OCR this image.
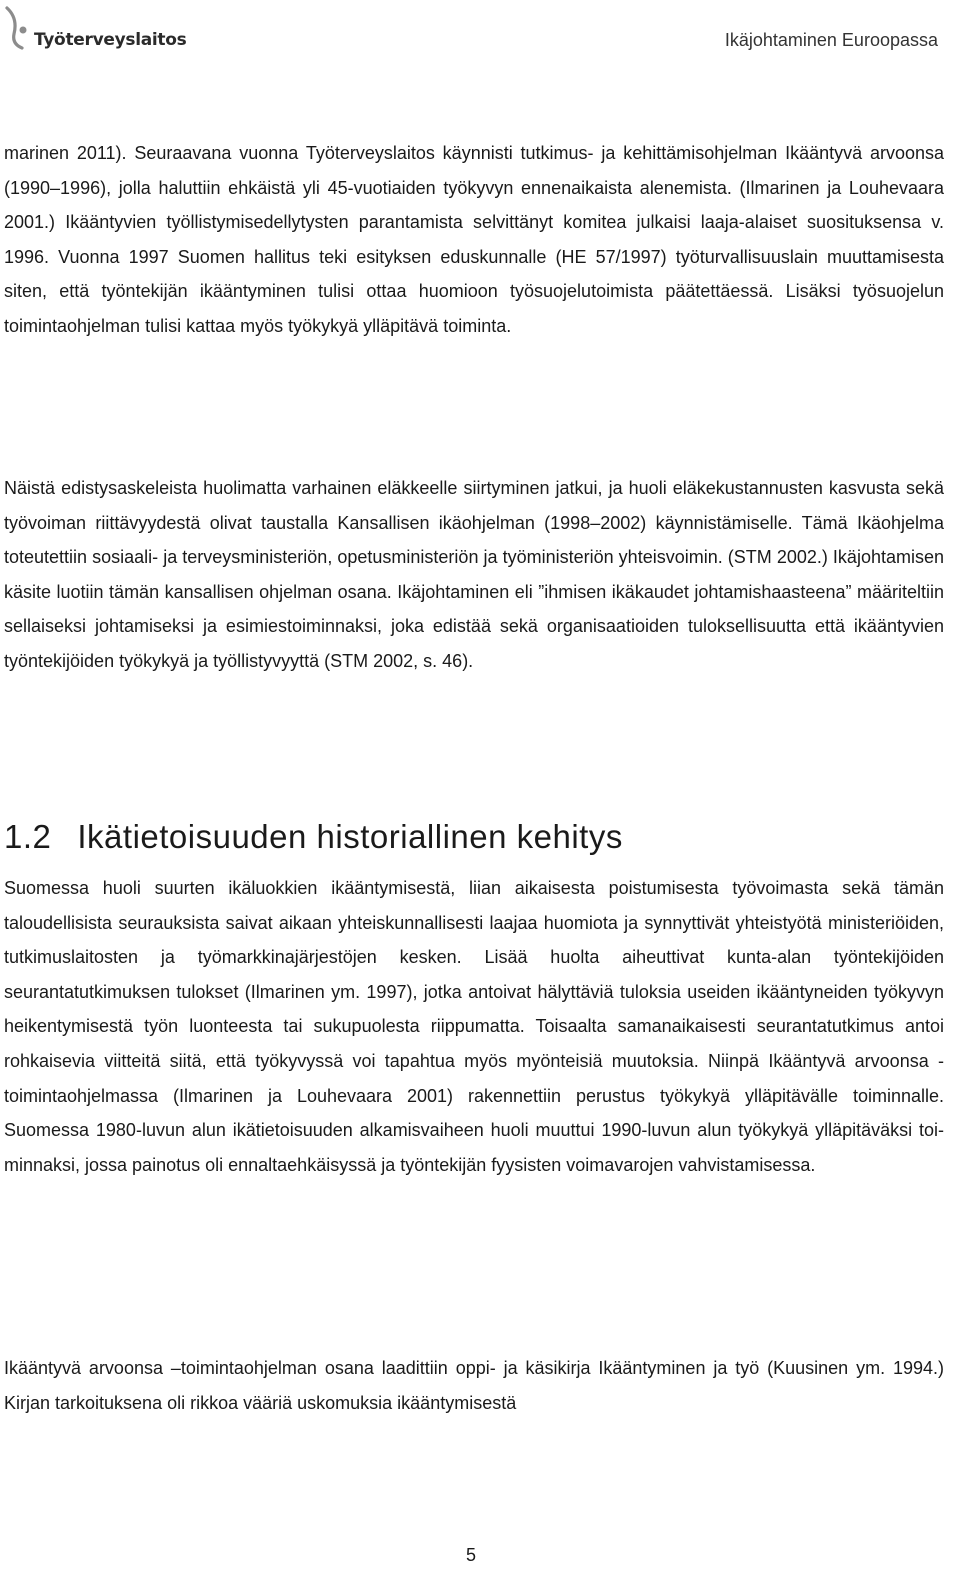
Työterveyslaitos	Ikäjohtaminen Euroopassa

marinen 2011). Seuraavana vuonna Työterveyslaitos käynnisti tutkimus- ja kehittämisohjelman Ikääntyvä arvoonsa (1990–1996), jolla haluttiin ehkäistä yli 45-vuotiaiden työkyvyn ennenaikaista alenemista. (Ilmarinen ja Louhevaara 2001.) Ikääntyvien työllistymisedellytysten parantamista selvittänyt komitea julkaisi laaja-alaiset suosituksensa v. 1996. Vuonna 1997 Suomen hallitus teki esityksen eduskunnalle (HE 57/1997) työturvallisuuslain muuttamisesta siten, että työntekijän ikääntyminen tulisi ottaa huomioon työsuojelutoimista päätettäessä. Lisäksi työsuojelun toimintaohjelman tulisi kattaa myös työkykyä ylläpitävä toiminta.

Näistä edistysaskeleista huolimatta varhainen eläkkeelle siirtyminen jatkui, ja huoli eläkekustannusten kasvusta sekä työvoiman riittävyydestä olivat taustalla Kansallisen ikäohjelman (1998–2002) käynnistämiselle. Tämä Ikäohjelma toteutettiin sosiaali- ja terveysministeriön, opetusministeriön ja työministeriön yhteisvoimin. (STM 2002.) Ikäjohtamisen käsite luotiin tämän kansallisen ohjelman osana. Ikäjohtaminen eli ”ihmisen ikäkaudet johtamishaasteena” määriteltiin sellaiseksi johtamiseksi ja esimiestoiminnaksi, joka edistää sekä organisaatioiden tuloksellisuutta että ikääntyvien työntekijöiden työkykyä ja työllistyvyyttä (STM 2002, s. 46).

1.2 Ikätietoisuuden historiallinen kehitys

Suomessa huoli suurten ikäluokkien ikääntymisestä, liian aikaisesta poistumisesta työvoimasta sekä tämän taloudellisista seurauksista saivat aikaan yhteiskunnallisesti laajaa huomiota ja synnyttivät yhteistyötä ministeriöiden, tutkimuslaitosten ja työmarkkinajärjestöjen kesken. Lisää huolta aiheuttivat kunta-alan työntekijöiden seurantatutkimuksen tulokset (Ilmarinen ym. 1997), jotka antoivat hälyttäviä tuloksia useiden ikääntyneiden työkyvyn heikentymisestä työn luonteesta tai sukupuolesta riippumatta. Toisaalta samanaikaisesti seurantatutkimus antoi rohkaisevia viitteitä siitä, että työkyvyssä voi tapahtua myös myönteisiä muutoksia. Niinpä Ikääntyvä arvoonsa -toimintaohjelmassa (Ilmarinen ja Louhevaara 2001) rakennettiin perustus työkykyä ylläpitävälle toiminnalle. Suomessa 1980-luvun alun ikätietoisuuden alkamisvaiheen huoli muuttui 1990-luvun alun työkykyä ylläpitäväksi toiminnaksi, jossa painotus oli ennaltaehkäisyssä ja työntekijän fyysisten voimavarojen vahvistamisessa.

Ikääntyvä arvoonsa –toimintaohjelman osana laadittiin oppi- ja käsikirja Ikääntyminen ja työ (Kuusinen ym. 1994.) Kirjan tarkoituksena oli rikkoa vääriä uskomuksia ikääntymisestä

5
